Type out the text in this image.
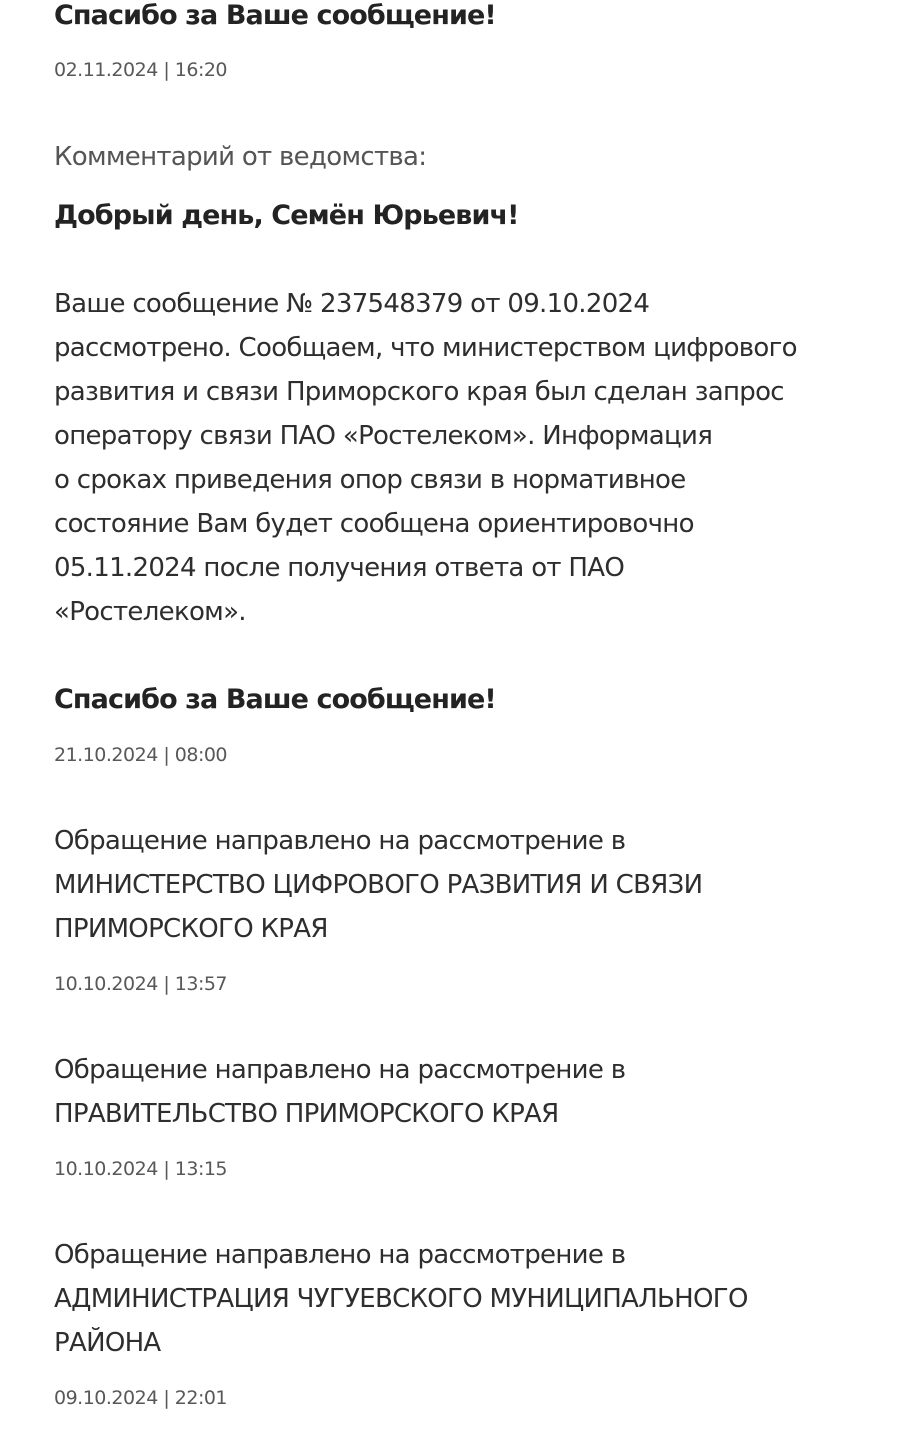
Спасибо за Ваше сообщение!

02.11.2024 | 16:20

Комментарий от ведомства:

Добрый день, Семён Юрьевич!

Ваше сообщение № 237548379 от 09.10.2024

рассмотрено. Сообщаем, что министерством цифрового

развития и связи Приморского края был сделан запрос

оператору связи ПАО «Ростелеком». Информация

о сроках приведения опор связи в нормативное

состояние Вам будет сообщена ориентировочно

05.11.2024 после получения ответа от ПАО

«Ростелеком».

Спасибо за Ваше сообщение!

21.10.2024 | 08:00

Обращение направлено на рассмотрение в

МИНИСТЕРСТВО ЦИФРОВОГО РАЗВИТИЯ И СВЯЗИ

ПРИМОРСКОГО КРАЯ

10.10.2024 | 13:57

Обращение направлено на рассмотрение в

ПРАВИТЕЛЬСТВО ПРИМОРСКОГО КРАЯ

10.10.2024 | 13:15

Обращение направлено на рассмотрение в

АДМИНИСТРАЦИЯ ЧУГУЕВСКОГО МУНИЦИПАЛЬНОГО

РАЙОНА

09.10.2024 | 22:01
